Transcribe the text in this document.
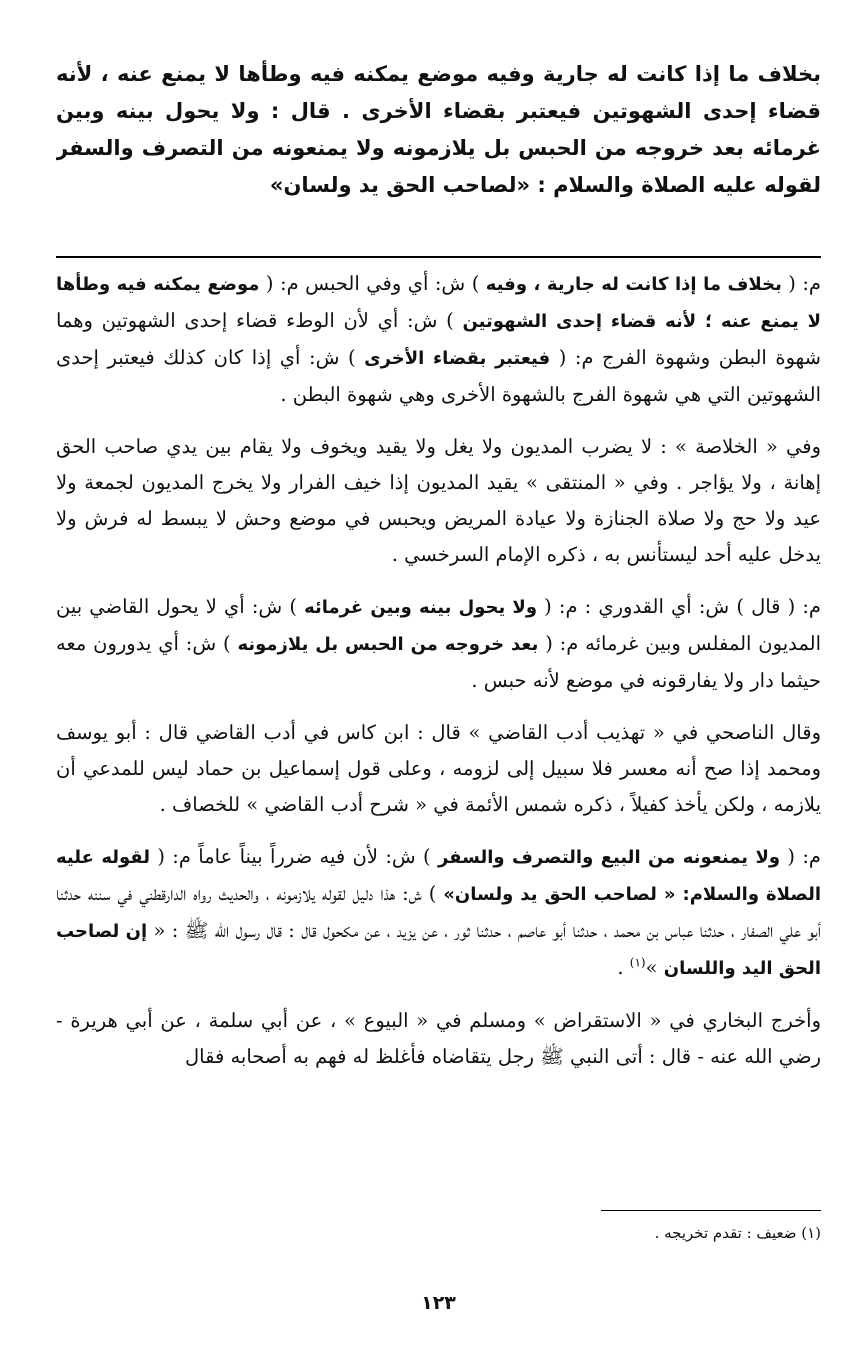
بخلاف ما إذا كانت له جارية وفيه موضع يمكنه فيه وطأها لا يمنع عنه ، لأنه قضاء إحدى الشهوتين فيعتبر بقضاء الأخرى . قال : ولا يحول بينه وبين غرمائه بعد خروجه من الحبس بل يلازمونه ولا يمنعونه من التصرف والسفر لقوله عليه الصلاة والسلام : «لصاحب الحق يد ولسان»

م: ( بخلاف ما إذا كانت له جارية ، وفيه ) ش: أي وفي الحبس م: ( موضع يمكنه فيه وطأها لا يمنع عنه ؛ لأنه قضاء إحدى الشهوتين ) ش: أي لأن الوطء قضاء إحدى الشهوتين وهما شهوة البطن وشهوة الفرج م: ( فيعتبر بقضاء الأخرى ) ش: أي إذا كان كذلك فيعتبر إحدى الشهوتين التي هي شهوة الفرج بالشهوة الأخرى وهي شهوة البطن .

وفي « الخلاصة » : لا يضرب المديون ولا يغل ولا يقيد ويخوف ولا يقام بين يدي صاحب الحق إهانة ، ولا يؤاجر . وفي « المنتقى » يقيد المديون إذا خيف الفرار ولا يخرج المديون لجمعة ولا عيد ولا حج ولا صلاة الجنازة ولا عيادة المريض ويحبس في موضع وحش لا يبسط له فرش ولا يدخل عليه أحد ليستأنس به ، ذكره الإمام السرخسي .

م: ( قال ) ش: أي القدوري : م: ( ولا يحول بينه وبين غرمائه ) ش: أي لا يحول القاضي بين المديون المفلس وبين غرمائه م: ( بعد خروجه من الحبس بل يلازمونه ) ش: أي يدورون معه حيثما دار ولا يفارقونه في موضع لأنه حبس .

وقال الناصحي في « تهذيب أدب القاضي » قال : ابن كاس في أدب القاضي قال : أبو يوسف ومحمد إذا صح أنه معسر فلا سبيل إلى لزومه ، وعلى قول إسماعيل بن حماد ليس للمدعي أن يلازمه ، ولكن يأخذ كفيلاً ، ذكره شمس الأئمة في « شرح أدب القاضي » للخصاف .

م: ( ولا يمنعونه من البيع والتصرف والسفر ) ش: لأن فيه ضرراً بيناً عاماً م: ( لقوله عليه الصلاة والسلام: « لصاحب الحق يد ولسان» ) ش: هذا دليل لقوله يلازمونه ، والحديث رواه الدارقطني في سننه حدثنا أبو علي الصفار ، حدثنا عباس بن محمد ، حدثنا أبو عاصم ، حدثنا ثور ، عن يزيد ، عن مكحول قال : قال رسول الله ﷺ : « إن لصاحب الحق اليد واللسان »$^{(١)}$ .

وأخرج البخاري في « الاستقراض » ومسلم في « البيوع » ، عن أبي سلمة ، عن أبي هريرة - رضي الله عنه - قال : أتى النبي ﷺ رجل يتقاضاه فأغلظ له فهم به أصحابه فقال

(١) ضعيف : تقدم تخريجه .

١٢٣
